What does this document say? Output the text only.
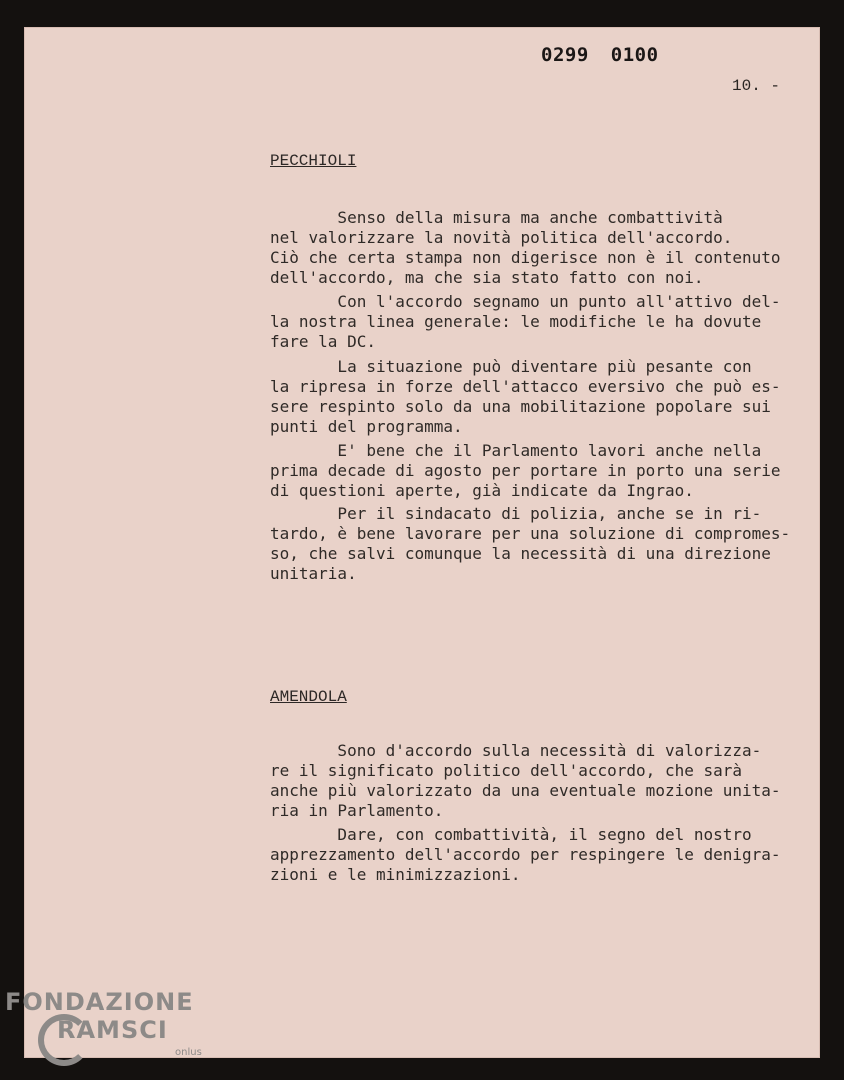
0299 0100
10. -
PECCHIOLI
Senso della misura ma anche combattività
nel valorizzare la novità politica dell'accordo.
Ciò che certa stampa non digerisce non è il contenuto
dell'accordo, ma che sia stato fatto con noi.
Con l'accordo segnamo un punto all'attivo del-
la nostra linea generale: le modifiche le ha dovute
fare la DC.
La situazione può diventare più pesante con
la ripresa in forze dell'attacco eversivo che può es-
sere respinto solo da una mobilitazione popolare sui
punti del programma.
E' bene che il Parlamento lavori anche nella
prima decade di agosto per portare in porto una serie
di questioni aperte, già indicate da Ingrao.
Per il sindacato di polizia, anche se in ri-
tardo, è bene lavorare per una soluzione di compromes-
so, che salvi comunque la necessità di una direzione
unitaria.
AMENDOLA
Sono d'accordo sulla necessità di valorizza-
re il significato politico dell'accordo, che sarà
anche più valorizzato da una eventuale mozione unita-
ria in Parlamento.
Dare, con combattività, il segno del nostro
apprezzamento dell'accordo per respingere le denigra-
zioni e le minimizzazioni.
FONDAZIONE
RAMSCI
onlus
